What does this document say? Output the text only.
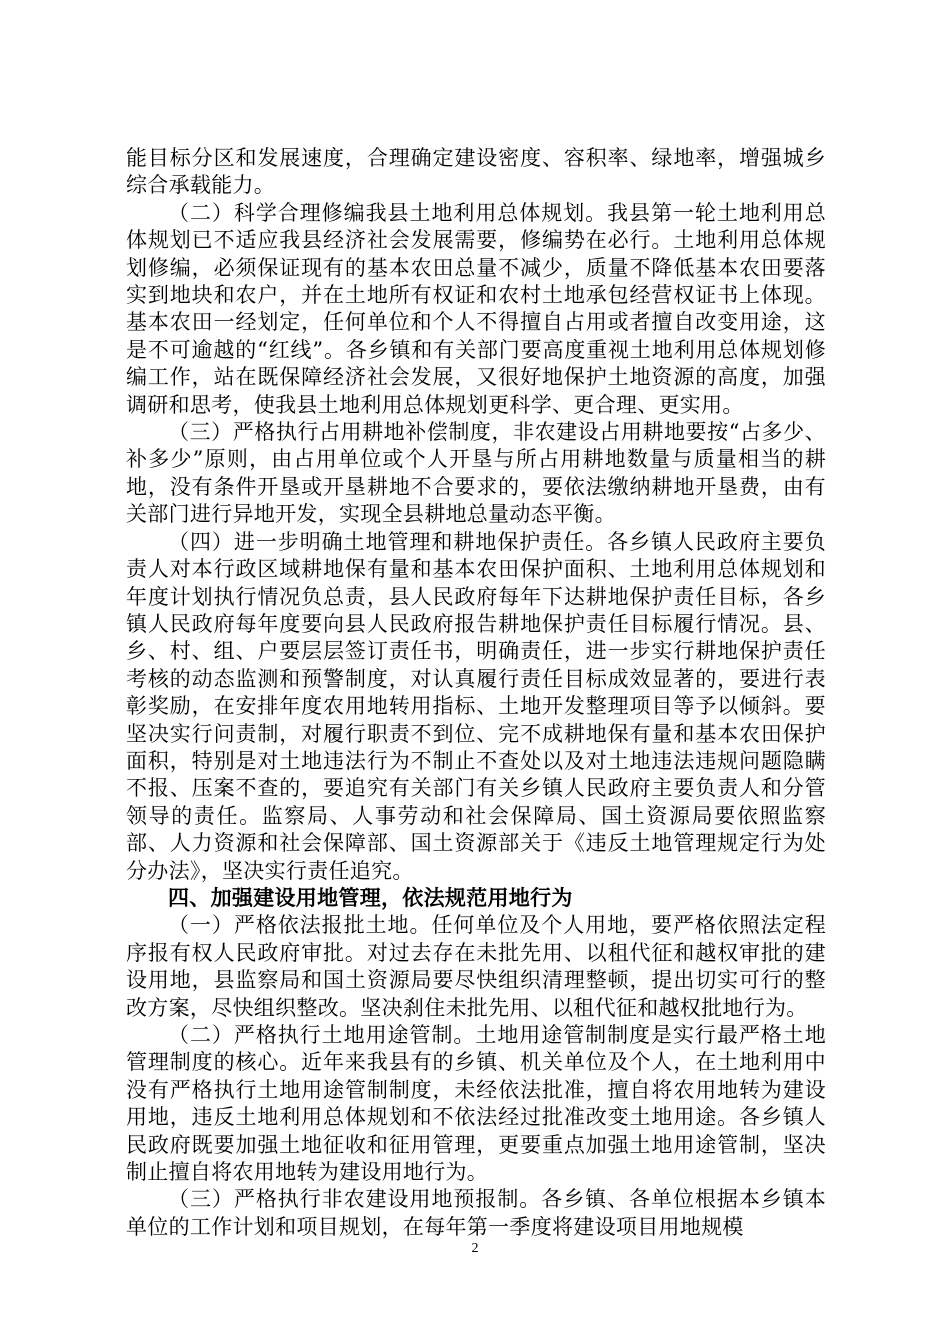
能目标分区和发展速度，合理确定建设密度、容积率、绿地率，增强城乡综合承载能力。

（二）科学合理修编我县土地利用总体规划。我县第一轮土地利用总体规划已不适应我县经济社会发展需要，修编势在必行。土地利用总体规划修编，必须保证现有的基本农田总量不减少，质量不降低基本农田要落实到地块和农户，并在土地所有权证和农村土地承包经营权证书上体现。基本农田一经划定，任何单位和个人不得擅自占用或者擅自改变用途，这是不可逾越的“红线”。各乡镇和有关部门要高度重视土地利用总体规划修编工作，站在既保障经济社会发展，又很好地保护土地资源的高度，加强调研和思考，使我县土地利用总体规划更科学、更合理、更实用。

（三）严格执行占用耕地补偿制度，非农建设占用耕地要按“占多少、补多少”原则，由占用单位或个人开垦与所占用耕地数量与质量相当的耕地，没有条件开垦或开垦耕地不合要求的，要依法缴纳耕地开垦费，由有关部门进行异地开发，实现全县耕地总量动态平衡。

（四）进一步明确土地管理和耕地保护责任。各乡镇人民政府主要负责人对本行政区域耕地保有量和基本农田保护面积、土地利用总体规划和年度计划执行情况负总责，县人民政府每年下达耕地保护责任目标，各乡镇人民政府每年度要向县人民政府报告耕地保护责任目标履行情况。县、乡、村、组、户要层层签订责任书，明确责任，进一步实行耕地保护责任考核的动态监测和预警制度，对认真履行责任目标成效显著的，要进行表彰奖励，在安排年度农用地转用指标、土地开发整理项目等予以倾斜。要坚决实行问责制，对履行职责不到位、完不成耕地保有量和基本农田保护面积，特别是对土地违法行为不制止不查处以及对土地违法违规问题隐瞒不报、压案不查的，要追究有关部门有关乡镇人民政府主要负责人和分管领导的责任。监察局、人事劳动和社会保障局、国土资源局要依照监察部、人力资源和社会保障部、国土资源部关于《违反土地管理规定行为处分办法》，坚决实行责任追究。

四、加强建设用地管理，依法规范用地行为

（一）严格依法报批土地。任何单位及个人用地，要严格依照法定程序报有权人民政府审批。对过去存在未批先用、以租代征和越权审批的建设用地，县监察局和国土资源局要尽快组织清理整顿，提出切实可行的整改方案，尽快组织整改。坚决刹住未批先用、以租代征和越权批地行为。

（二）严格执行土地用途管制。土地用途管制制度是实行最严格土地管理制度的核心。近年来我县有的乡镇、机关单位及个人，在土地利用中没有严格执行土地用途管制制度，未经依法批准，擅自将农用地转为建设用地，违反土地利用总体规划和不依法经过批准改变土地用途。各乡镇人民政府既要加强土地征收和征用管理，更要重点加强土地用途管制，坚决制止擅自将农用地转为建设用地行为。

（三）严格执行非农建设用地预报制。各乡镇、各单位根据本乡镇本单位的工作计划和项目规划，在每年第一季度将建设项目用地规模

2
